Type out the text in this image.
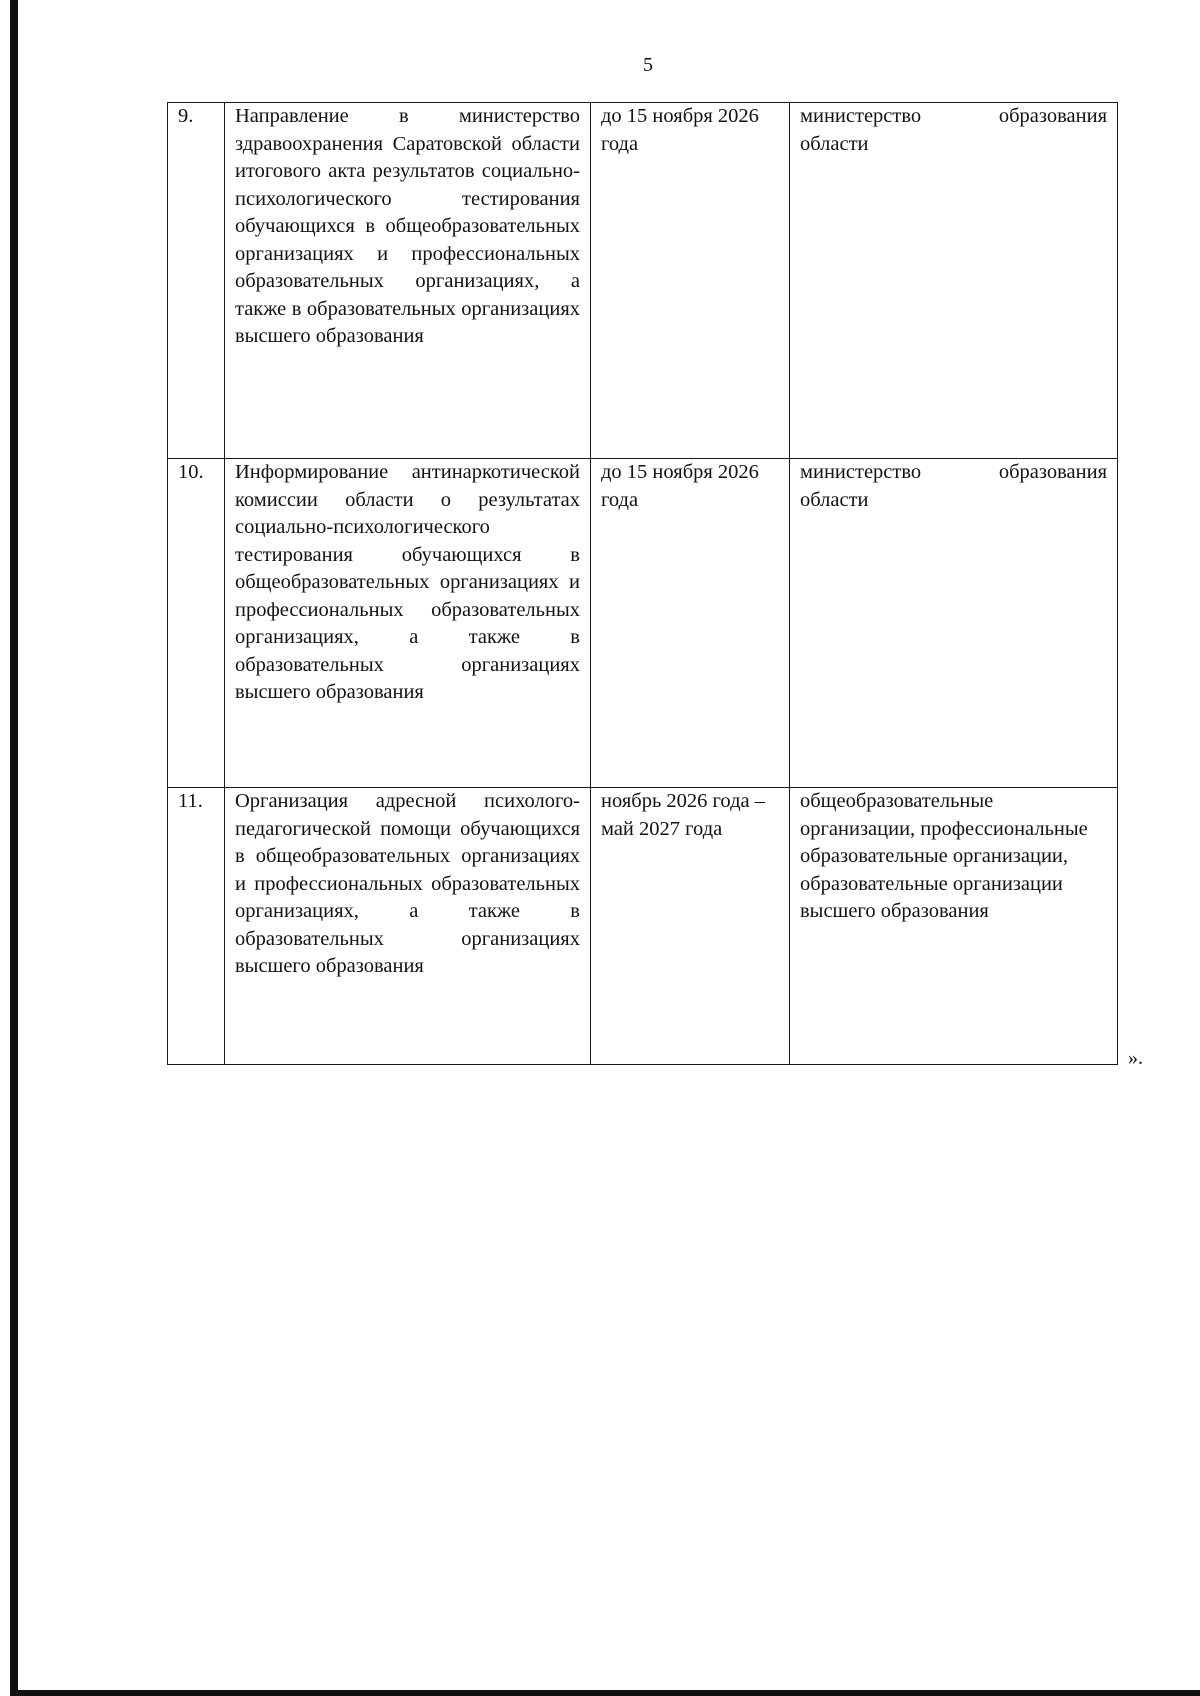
5
9.	Направление в министерство здравоохранения Саратовской области итогового акта результатов социально-психологического тестирования обучающихся в общеобразовательных организациях и профессиональных образовательных организациях, а также в образовательных организациях высшего образования	до 15 ноября 2026 года	министерство образования области
10.	Информирование антинаркотической комиссии области о результатах социально-психологического тестирования обучающихся в общеобразовательных организациях и профессиональных образовательных организациях, а также в образовательных организациях высшего образования	до 15 ноября 2026 года	министерство образования области
11.	Организация адресной психолого-педагогической помощи обучающихся в общеобразовательных организациях и профессиональных образовательных организациях, а также в образовательных организациях высшего образования	ноябрь 2026 года – май 2027 года	общеобразовательные организации, профессиональные образовательные организации, образовательные организации высшего образования
».
